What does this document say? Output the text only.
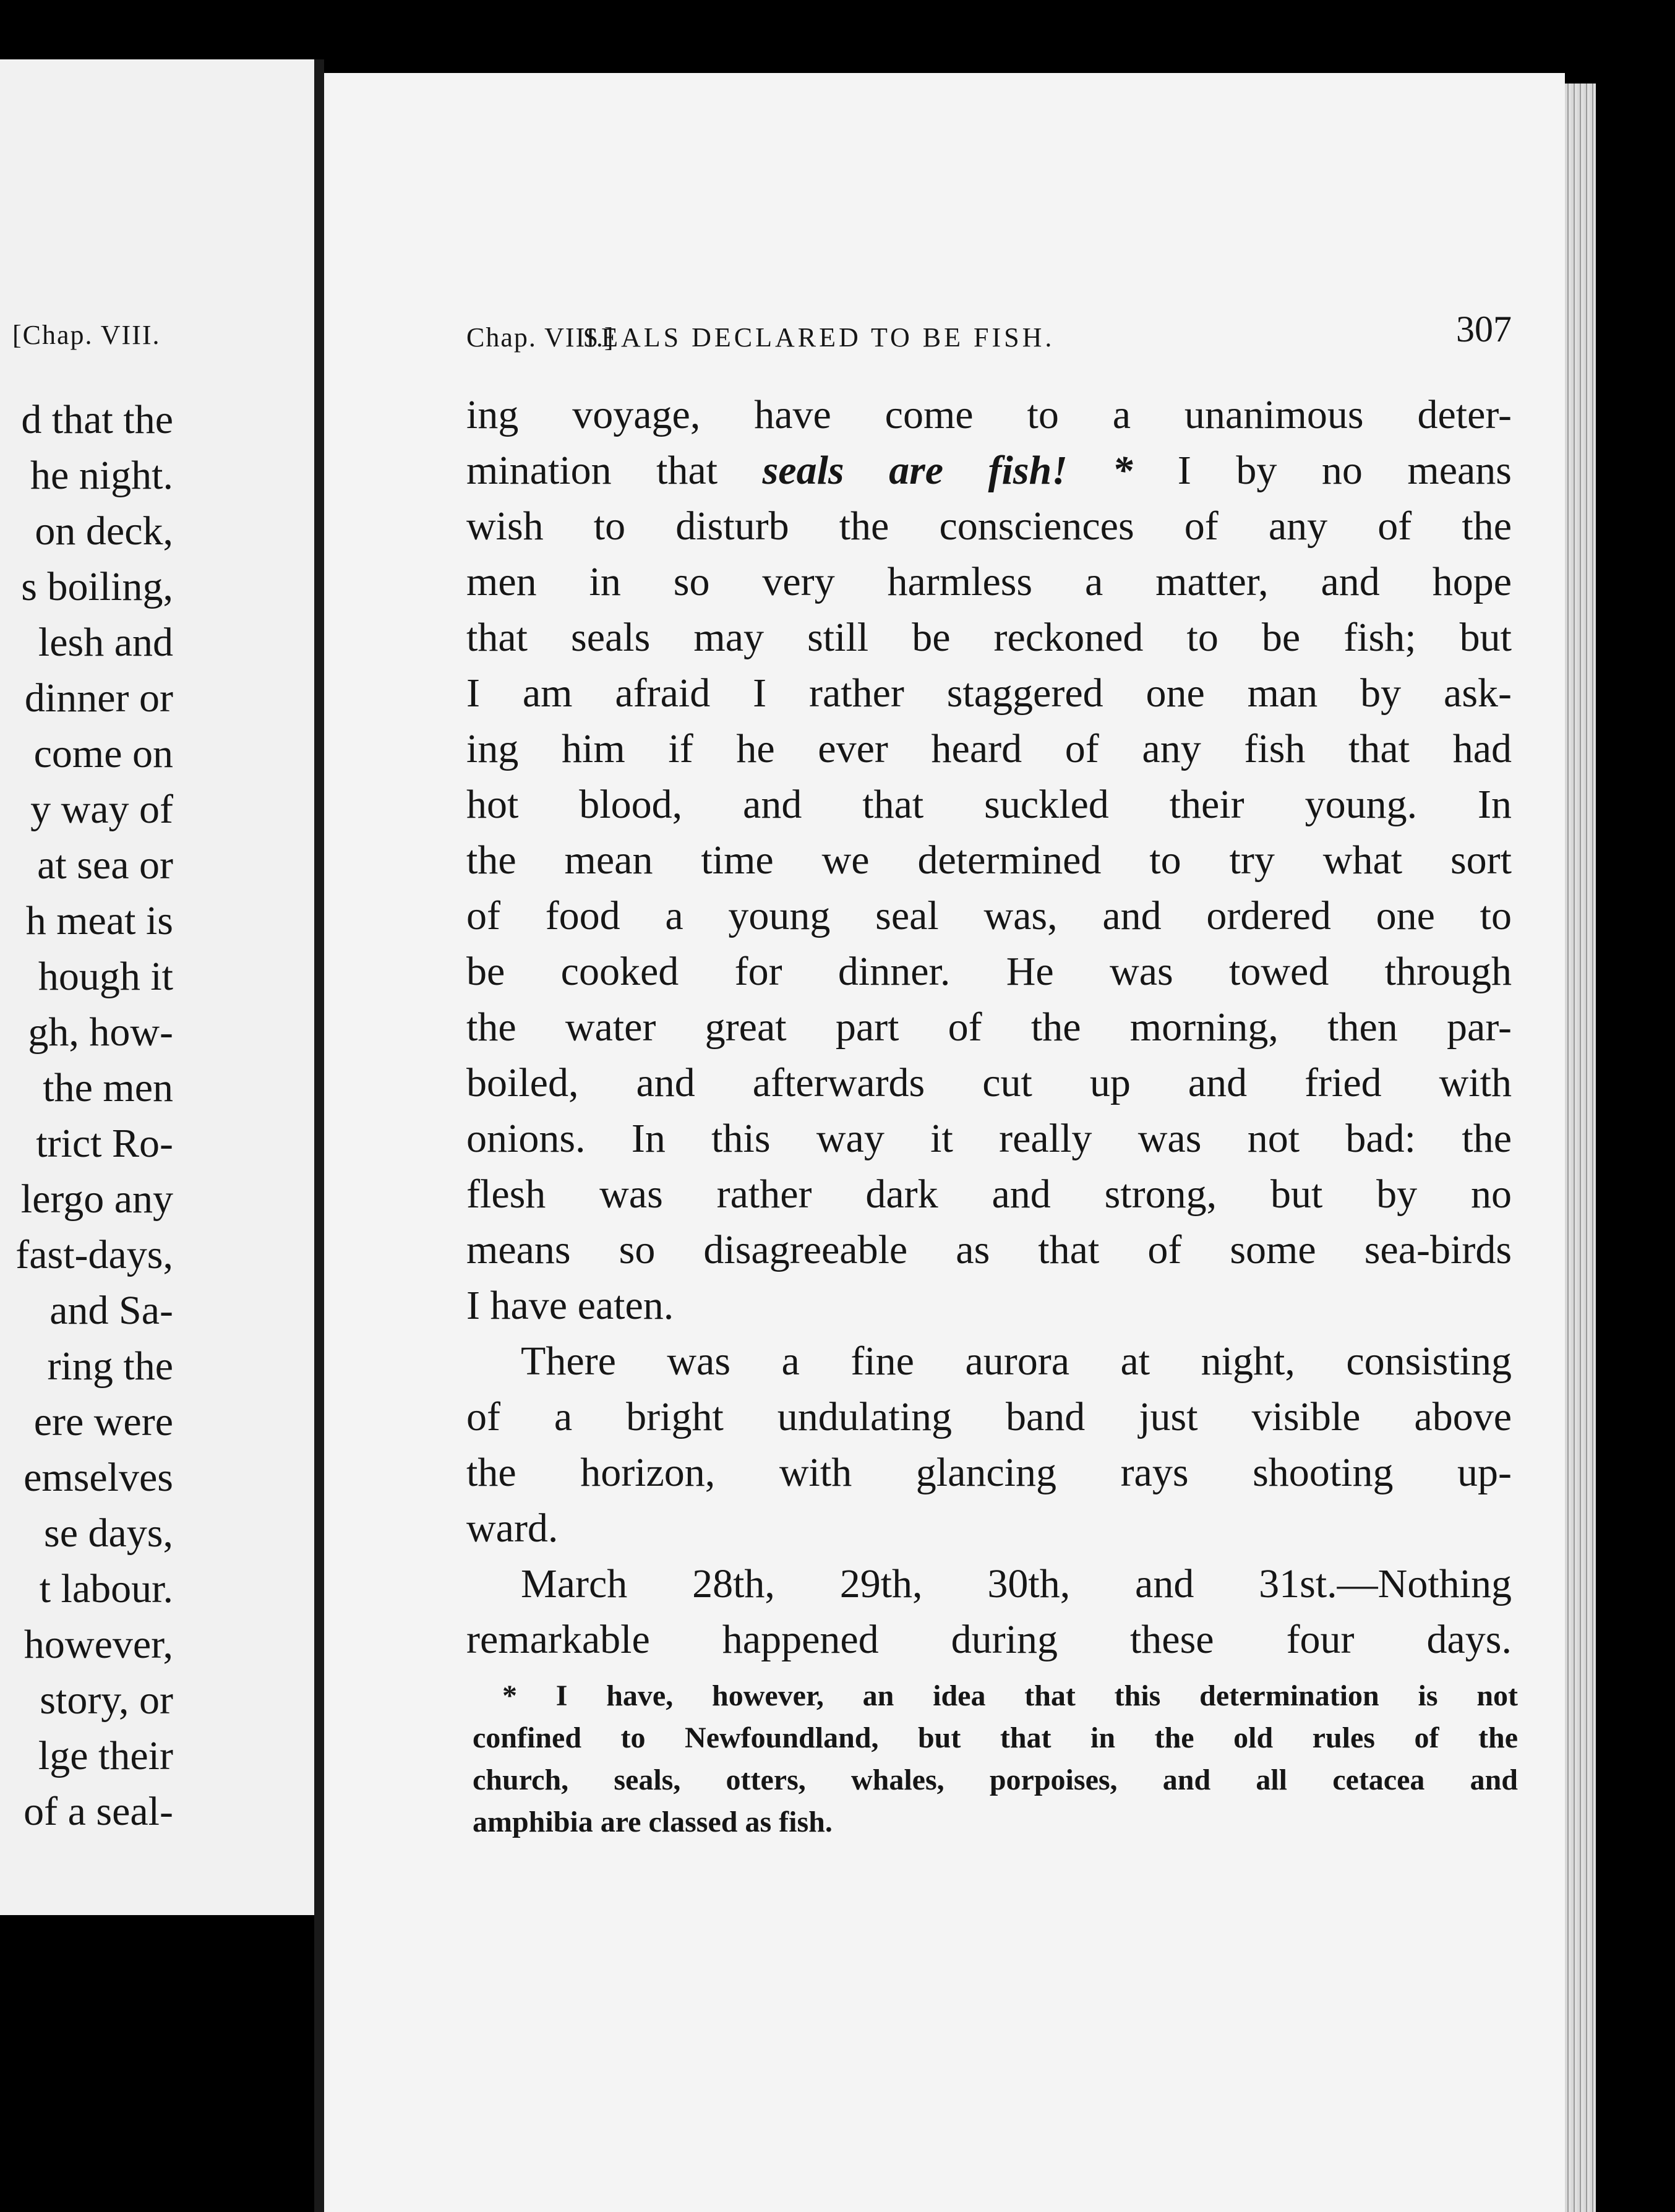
[Chap. VIII.
d that the
he night.
on deck,
s boiling,
lesh and
dinner or
come on
y way of
at sea or
h meat is
hough it
gh, how-
the men
trict Ro-
lergo any
fast-days,
and Sa-
ring the
ere were
emselves
se days,
t labour.
however,
story, or
lge their
of a seal-
Chap. VIII.]
SEALS DECLARED TO BE FISH.	307
ing voyage, have come to a unanimous deter-
mination that seals are fish! * I by no means
wish to disturb the consciences of any of the
men in so very harmless a matter, and hope
that seals may still be reckoned to be fish; but
I am afraid I rather staggered one man by ask-
ing him if he ever heard of any fish that had
hot blood, and that suckled their young. In
the mean time we determined to try what sort
of food a young seal was, and ordered one to
be cooked for dinner. He was towed through
the water great part of the morning, then par-
boiled, and afterwards cut up and fried with
onions. In this way it really was not bad: the
flesh was rather dark and strong, but by no
means so disagreeable as that of some sea-birds
I have eaten.
There was a fine aurora at night, consisting
of a bright undulating band just visible above
the horizon, with glancing rays shooting up-
ward.
March 28th, 29th, 30th, and 31st.—Nothing
remarkable happened during these four days.
* I have, however, an idea that this determination is not
confined to Newfoundland, but that in the old rules of the
church, seals, otters, whales, porpoises, and all cetacea and
amphibia are classed as fish.
